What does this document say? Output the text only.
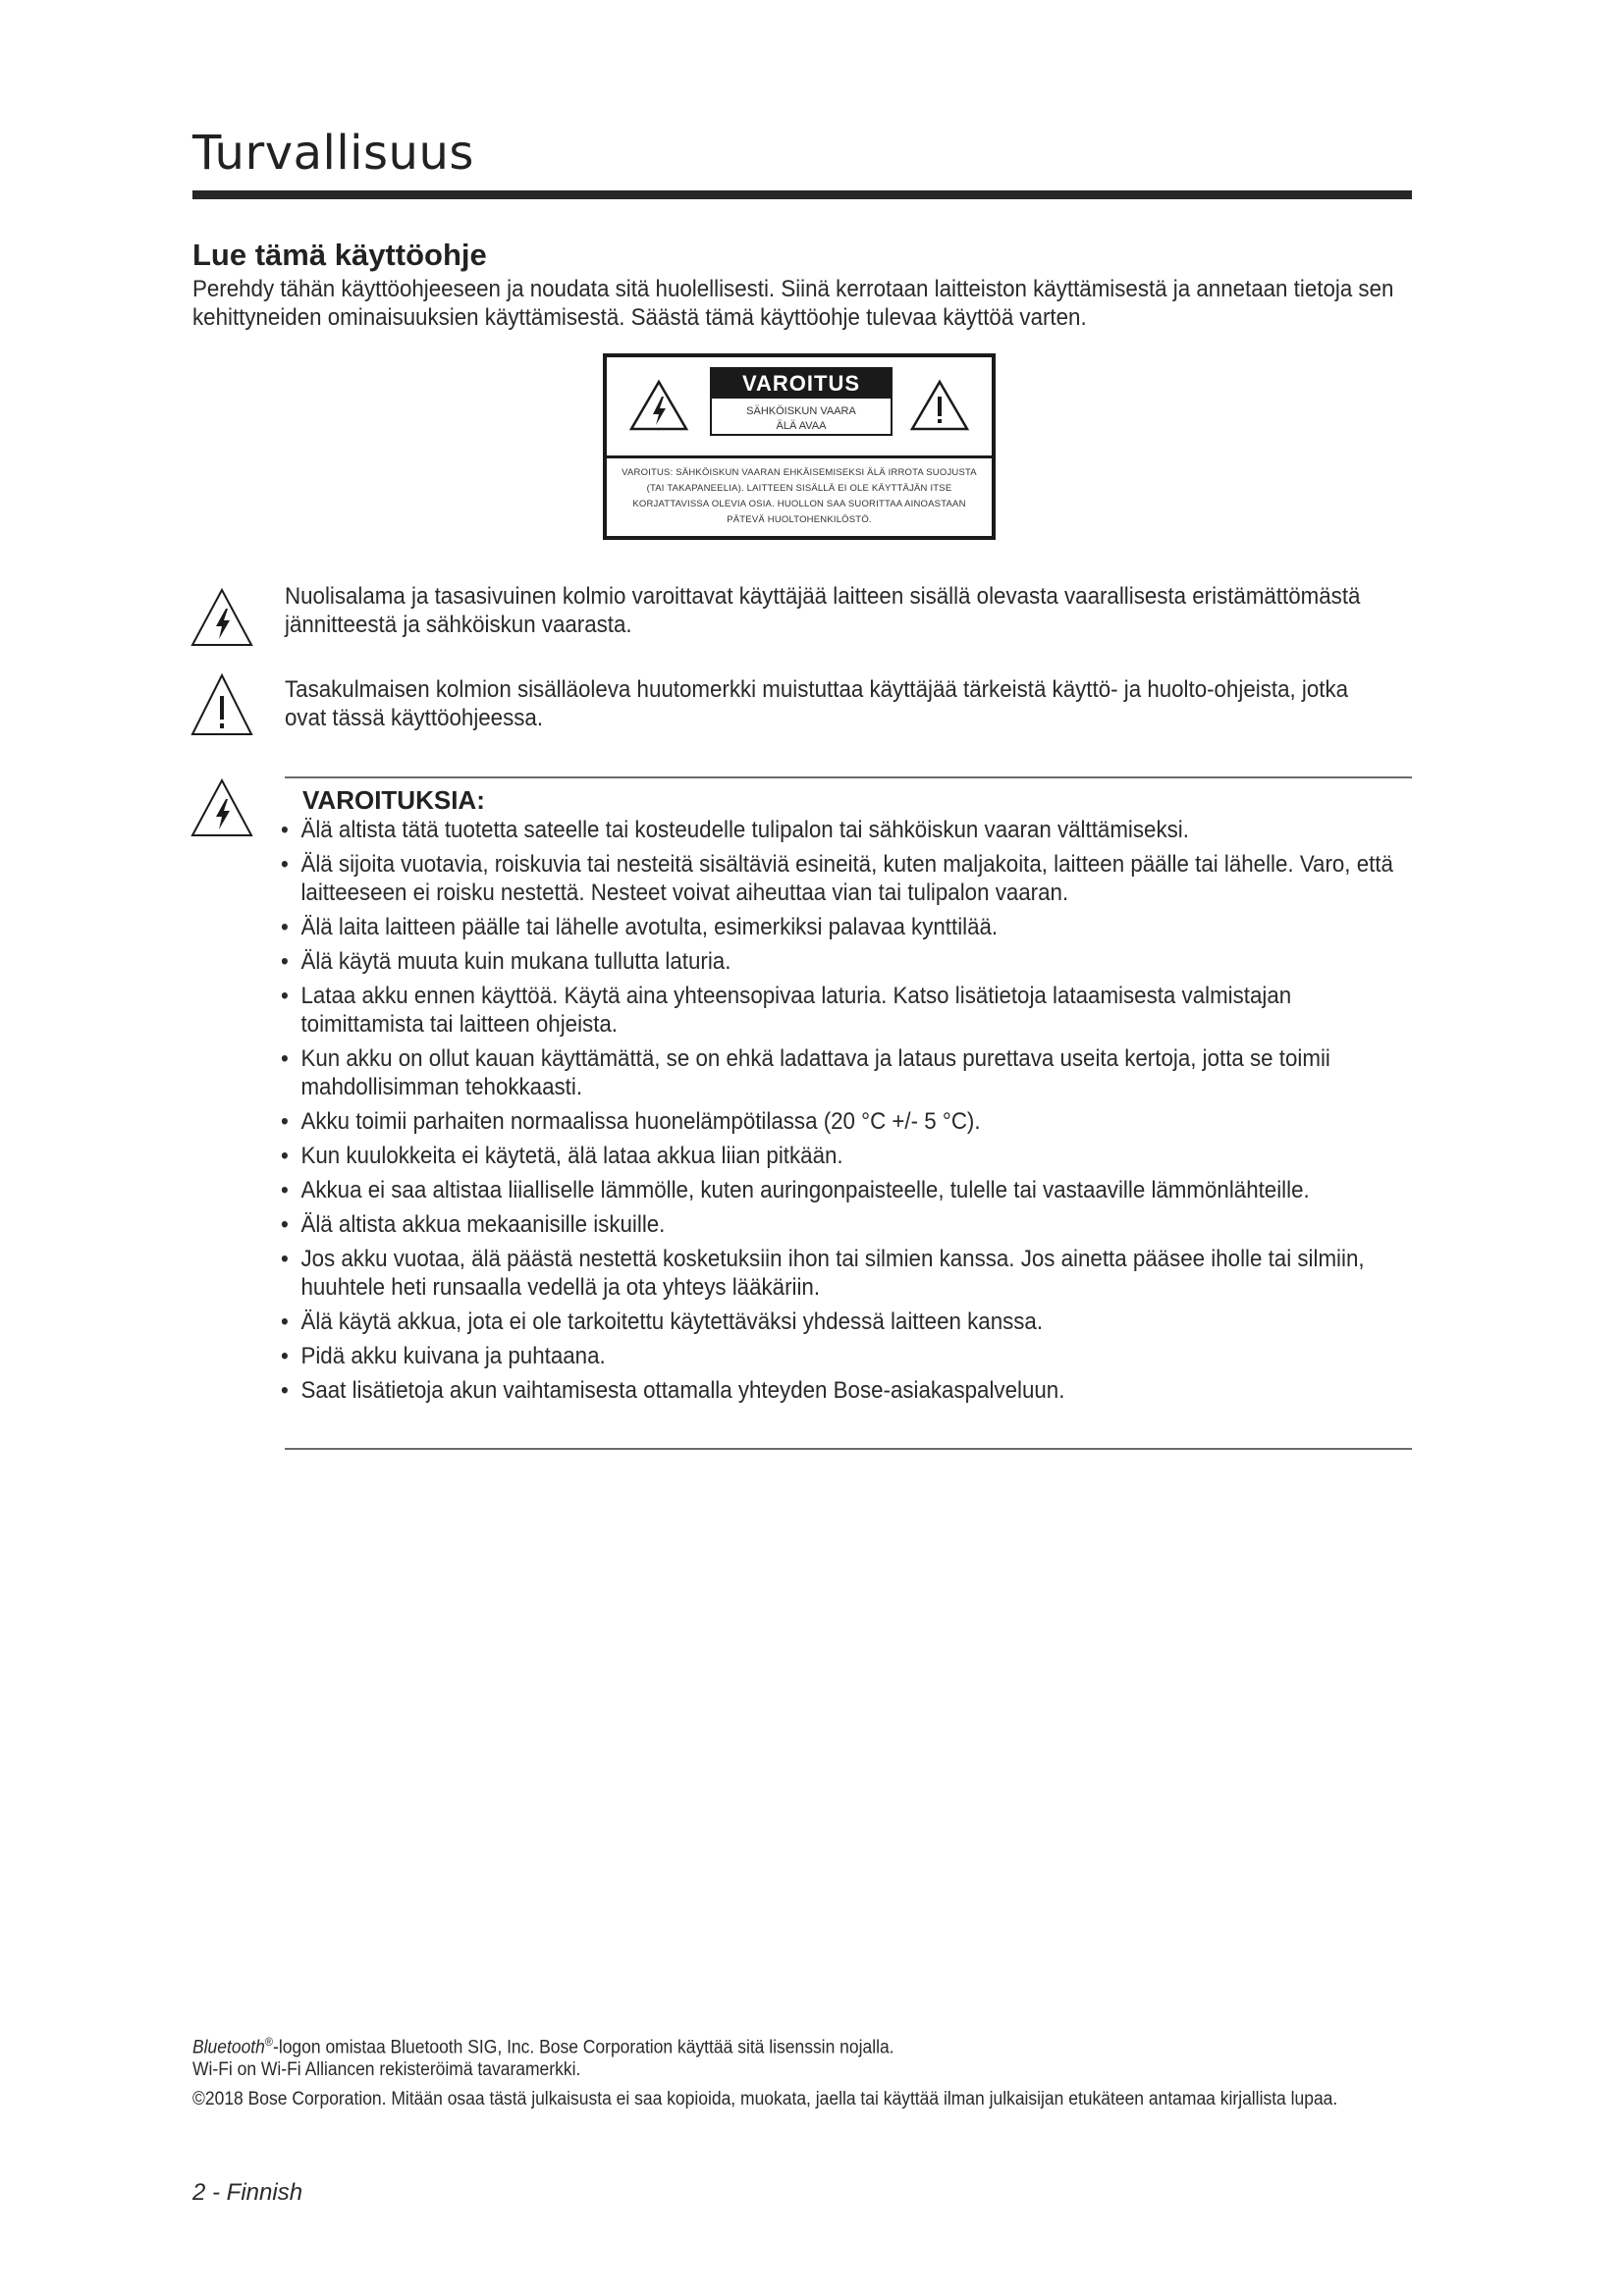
Turvallisuus
Lue tämä käyttöohje
Perehdy tähän käyttöohjeeseen ja noudata sitä huolellisesti. Siinä kerrotaan laitteiston käyttämisestä ja annetaan tietoja sen kehittyneiden ominaisuuksien käyttämisestä. Säästä tämä käyttöohje tulevaa käyttöä varten.
VAROITUS
SÄHKÖISKUN VAARA
ÄLÄ AVAA
VAROITUS: SÄHKÖISKUN VAARAN EHKÄISEMISEKSI ÄLÄ IRROTA SUOJUSTA (TAI TAKAPANEELIA). LAITTEEN SISÄLLÄ EI OLE KÄYTTÄJÄN ITSE KORJATTAVISSA OLEVIA OSIA. HUOLLON SAA SUORITTAA AINOASTAAN PÄTEVÄ HUOLTOHENKILÖSTÖ.
Nuolisalama ja tasasivuinen kolmio varoittavat käyttäjää laitteen sisällä olevasta vaarallisesta eristämättömästä jännitteestä ja sähköiskun vaarasta.
Tasakulmaisen kolmion sisälläoleva huutomerkki muistuttaa käyttäjää tärkeistä käyttö- ja huolto-ohjeista, jotka ovat tässä käyttöohjeessa.
VAROITUKSIA:
• Älä altista tätä tuotetta sateelle tai kosteudelle tulipalon tai sähköiskun vaaran välttämiseksi.
• Älä sijoita vuotavia, roiskuvia tai nesteitä sisältäviä esineitä, kuten maljakoita, laitteen päälle tai lähelle. Varo, että laitteeseen ei roisku nestettä. Nesteet voivat aiheuttaa vian tai tulipalon vaaran.
• Älä laita laitteen päälle tai lähelle avotulta, esimerkiksi palavaa kynttilää.
• Älä käytä muuta kuin mukana tullutta laturia.
• Lataa akku ennen käyttöä. Käytä aina yhteensopivaa laturia. Katso lisätietoja lataamisesta valmistajan toimittamista tai laitteen ohjeista.
• Kun akku on ollut kauan käyttämättä, se on ehkä ladattava ja lataus purettava useita kertoja, jotta se toimii mahdollisimman tehokkaasti.
• Akku toimii parhaiten normaalissa huonelämpötilassa (20 °C +/- 5 °C).
• Kun kuulokkeita ei käytetä, älä lataa akkua liian pitkään.
• Akkua ei saa altistaa liialliselle lämmölle, kuten auringonpaisteelle, tulelle tai vastaaville lämmönlähteille.
• Älä altista akkua mekaanisille iskuille.
• Jos akku vuotaa, älä päästä nestettä kosketuksiin ihon tai silmien kanssa. Jos ainetta pääsee iholle tai silmiin, huuhtele heti runsaalla vedellä ja ota yhteys lääkäriin.
• Älä käytä akkua, jota ei ole tarkoitettu käytettäväksi yhdessä laitteen kanssa.
• Pidä akku kuivana ja puhtaana.
• Saat lisätietoja akun vaihtamisesta ottamalla yhteyden Bose-asiakaspalveluun.
Bluetooth®-logon omistaa Bluetooth SIG, Inc. Bose Corporation käyttää sitä lisenssin nojalla.
Wi-Fi on Wi-Fi Alliancen rekisteröimä tavaramerkki.
©2018 Bose Corporation. Mitään osaa tästä julkaisusta ei saa kopioida, muokata, jaella tai käyttää ilman julkaisijan etukäteen antamaa kirjallista lupaa.
2 - Finnish
